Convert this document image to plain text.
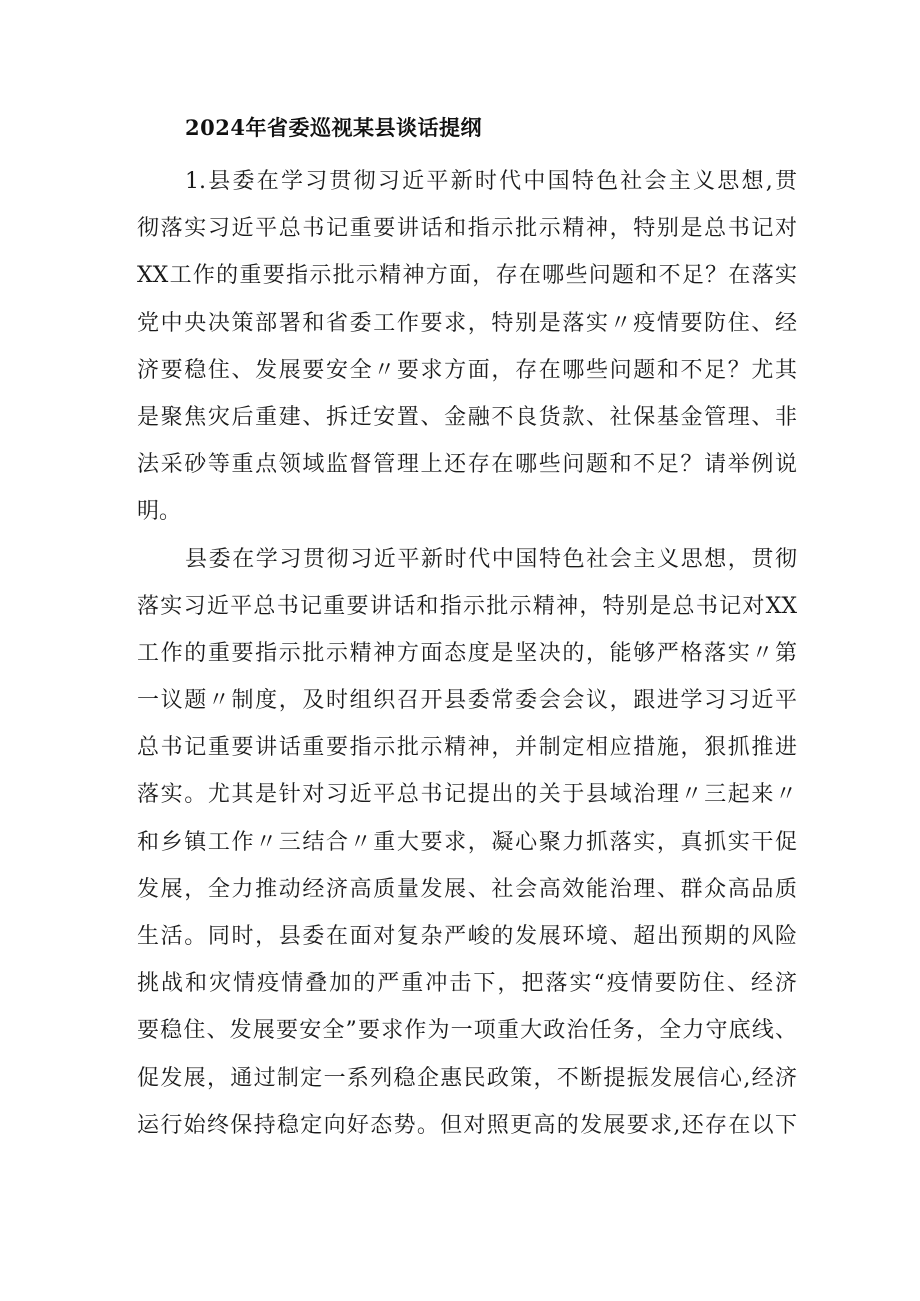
2024年省委巡视某县谈话提纲
1.县委在学习贯彻习近平新时代中国特色社会主义思想,贯
彻落实习近平总书记重要讲话和指示批示精神，特别是总书记对
XX工作的重要指示批示精神方面，存在哪些问题和不足？在落实
党中央决策部署和省委工作要求，特别是落实〃疫情要防住、经
济要稳住、发展要安全〃要求方面，存在哪些问题和不足？尤其
是聚焦灾后重建、拆迁安置、金融不良货款、社保基金管理、非
法采砂等重点领域监督管理上还存在哪些问题和不足？请举例说
明。
县委在学习贯彻习近平新时代中国特色社会主义思想，贯彻
落实习近平总书记重要讲话和指示批示精神，特别是总书记对XX
工作的重要指示批示精神方面态度是坚决的，能够严格落实〃第
一议题〃制度，及时组织召开县委常委会会议，跟进学习习近平
总书记重要讲话重要指示批示精神，并制定相应措施，狠抓推进
落实。尤其是针对习近平总书记提出的关于县域治理〃三起来〃
和乡镇工作〃三结合〃重大要求，凝心聚力抓落实，真抓实干促
发展，全力推动经济高质量发展、社会高效能治理、群众高品质
生活。同时，县委在面对复杂严峻的发展环境、超出预期的风险
挑战和灾情疫情叠加的严重冲击下，把落实“疫情要防住、经济
要稳住、发展要安全”要求作为一项重大政治任务，全力守底线、
促发展，通过制定一系列稳企惠民政策，不断提振发展信心,经济
运行始终保持稳定向好态势。但对照更高的发展要求,还存在以下
